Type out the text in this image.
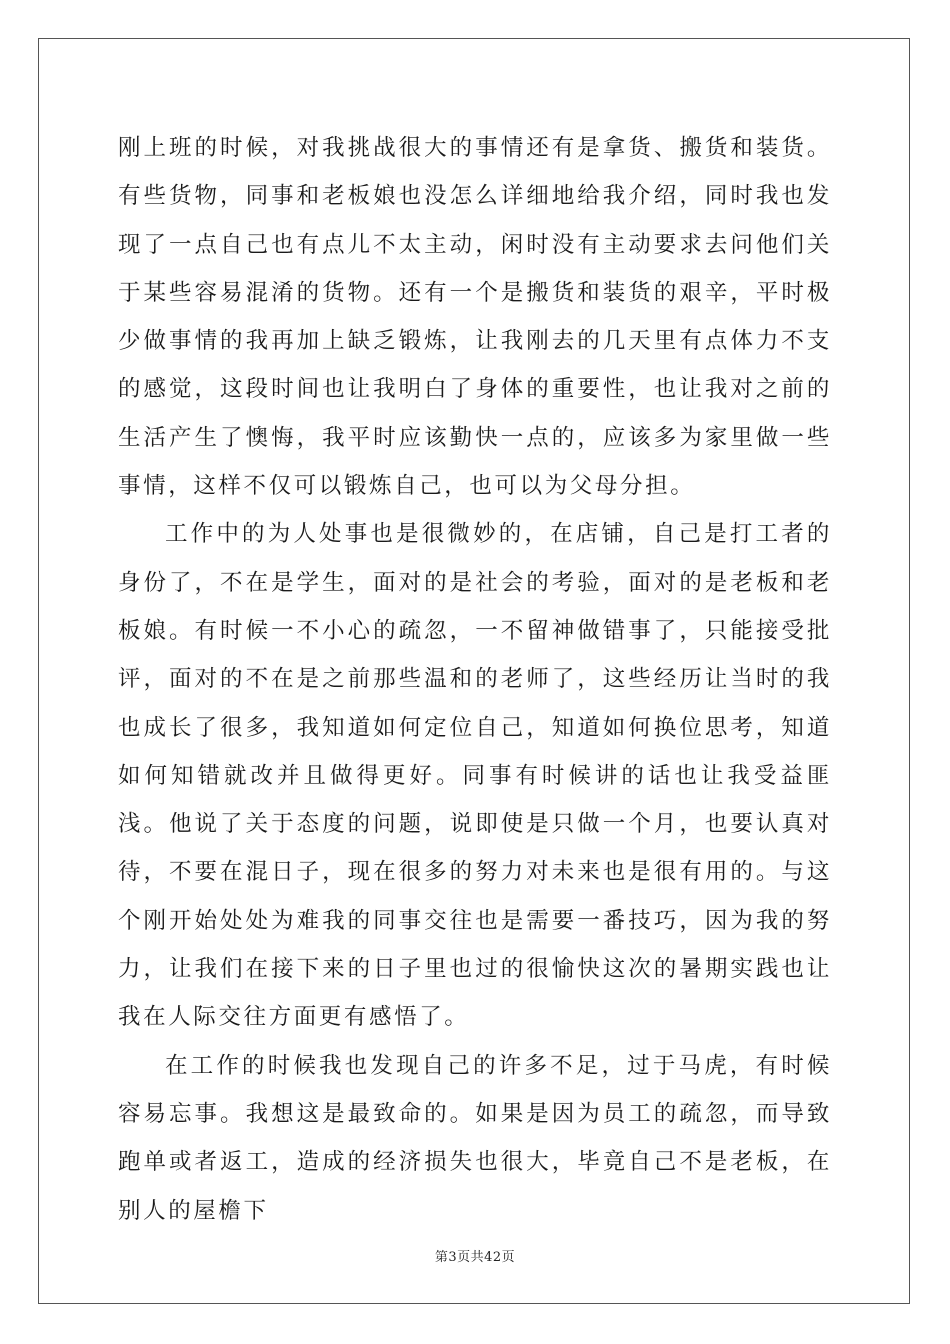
刚上班的时候，对我挑战很大的事情还有是拿货、搬货和装货。有些货物，同事和老板娘也没怎么详细地给我介绍，同时我也发现了一点自己也有点儿不太主动，闲时没有主动要求去问他们关于某些容易混淆的货物。还有一个是搬货和装货的艰辛，平时极少做事情的我再加上缺乏锻炼，让我刚去的几天里有点体力不支的感觉，这段时间也让我明白了身体的重要性，也让我对之前的生活产生了懊悔，我平时应该勤快一点的，应该多为家里做一些事情，这样不仅可以锻炼自己，也可以为父母分担。

工作中的为人处事也是很微妙的，在店铺，自己是打工者的身份了，不在是学生，面对的是社会的考验，面对的是老板和老板娘。有时候一不小心的疏忽，一不留神做错事了，只能接受批评，面对的不在是之前那些温和的老师了，这些经历让当时的我也成长了很多，我知道如何定位自己，知道如何换位思考，知道如何知错就改并且做得更好。同事有时候讲的话也让我受益匪浅。他说了关于态度的问题，说即使是只做一个月，也要认真对待，不要在混日子，现在很多的努力对未来也是很有用的。与这个刚开始处处为难我的同事交往也是需要一番技巧，因为我的努力，让我们在接下来的日子里也过的很愉快这次的暑期实践也让我在人际交往方面更有感悟了。

在工作的时候我也发现自己的许多不足，过于马虎，有时候容易忘事。我想这是最致命的。如果是因为员工的疏忽，而导致跑单或者返工，造成的经济损失也很大，毕竟自己不是老板，在别人的屋檐下

第3页共42页
